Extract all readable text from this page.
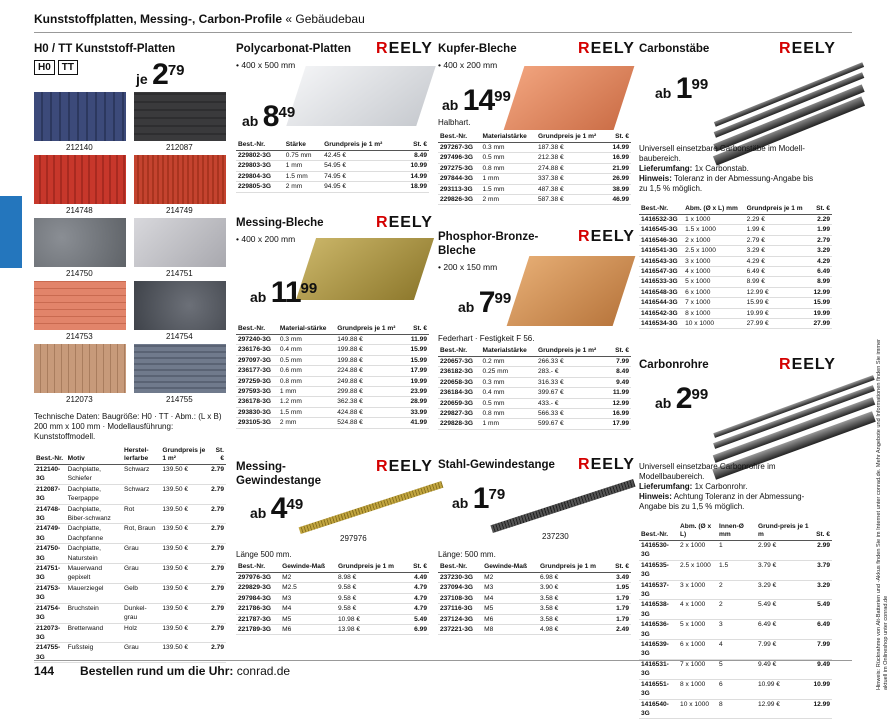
Kunststoffplatten, Messing-, Carbon-Profile « Gebäudebau
Hinweis: Rücknahme von Alt-Batterien und -Akkus finden Sie im Internet unter conrad.de. Mehr Angebote und Informationen finden Sie immer aktuell im Onlineshop unter conrad.de
H0 / TT Kunststoff-Platten
H0	TT
je 279
212140	212087
214748	214749
214750	214751
214753	214754
212073	214755
Technische Daten: Baugröße: H0 · TT · Abm.: (L x B) 200 mm x 100 mm · Modellausführung: Kunststoffmodell.
Best.-Nr.	Motiv	Herstel-lerfarbe	Grundpreis je 1 m²	St. €
212140-3G	Dachplatte, Schiefer	Schwarz	139.50 €	2.79
212087-3G	Dachplatte, Teerpappe	Schwarz	139.50 €	2.79
214748-3G	Dachplatte, Biber-schwanz	Rot	139.50 €	2.79
214749-3G	Dachplatte, Dachpfanne	Rot, Braun	139.50 €	2.79
214750-3G	Dachplatte, Naturstein	Grau	139.50 €	2.79
214751-3G	Mauerwand gepixelt	Grau	139.50 €	2.79
214753-3G	Mauerziegel	Gelb	139.50 €	2.79
214754-3G	Bruchstein	Dunkel-grau	139.50 €	2.79
212073-3G	Bretterwand	Holz	139.50 €	2.79
214755-3G	Fußsteig	Grau	139.50 €	2.79
Polycarbonat-Platten	REELY
• 400 x 500 mm
ab 849
Best.-Nr.	Stärke	Grundpreis je 1 m²	St. €
229802-3G	0.75 mm	42.45 €	8.49
229803-3G	1 mm	54.95 €	10.99
229804-3G	1.5 mm	74.95 €	14.99
229805-3G	2 mm	94.95 €	18.99
Messing-Bleche	REELY
• 400 x 200 mm
ab 1199
Best.-Nr.	Material-stärke	Grundpreis je 1 m²	St. €
297240-3G	0.3 mm	149.88 €	11.99
236176-3G	0.4 mm	199.88 €	15.99
297097-3G	0.5 mm	199.88 €	15.99
236177-3G	0.6 mm	224.88 €	17.99
297259-3G	0.8 mm	249.88 €	19.99
297593-3G	1 mm	299.88 €	23.99
236178-3G	1.2 mm	362.38 €	28.99
293830-3G	1.5 mm	424.88 €	33.99
293105-3G	2 mm	524.88 €	41.99
Messing-Gewindestange
REELY
297976
ab 449
Länge 500 mm.
Best.-Nr.	Gewinde-Maß	Grundpreis je 1 m	St. €
297976-3G	M2	8.98 €	4.49
229829-3G	M2.5	9.58 €	4.79
297984-3G	M3	9.58 €	4.79
221786-3G	M4	9.58 €	4.79
221787-3G	M5	10.98 €	5.49
221789-3G	M6	13.98 €	6.99
Kupfer-Bleche	REELY
• 400 x 200 mm
ab 1499
Halbhart.
Best.-Nr.	Materialstärke	Grundpreis je 1 m²	St. €
297267-3G	0.3 mm	187.38 €	14.99
297496-3G	0.5 mm	212.38 €	16.99
297275-3G	0.8 mm	274.88 €	21.99
297844-3G	1 mm	337.38 €	26.99
293113-3G	1.5 mm	487.38 €	38.99
229826-3G	2 mm	587.38 €	46.99
Phosphor-Bronze-Bleche
REELY
• 200 x 150 mm
ab 799
Federhart · Festigkeit F 56.
Best.-Nr.	Materialstärke	Grundpreis je 1 m²	St. €
220657-3G	0.2 mm	266.33 €	7.99
236182-3G	0.25 mm	283.- €	8.49
220658-3G	0.3 mm	316.33 €	9.49
236184-3G	0.4 mm	399.67 €	11.99
220659-3G	0.5 mm	433.- €	12.99
229827-3G	0.8 mm	566.33 €	16.99
229828-3G	1 mm	599.67 €	17.99
Stahl-Gewindestange	REELY
237230
ab 179
Länge: 500 mm.
Best.-Nr.	Gewinde-Maß	Grundpreis je 1 m	St. €
237230-3G	M2	6.98 €	3.49
237094-3G	M3	3.90 €	1.95
237108-3G	M4	3.58 €	1.79
237116-3G	M5	3.58 €	1.79
237124-3G	M6	3.58 €	1.79
237221-3G	M8	4.98 €	2.49
Carbonstäbe	REELY
ab 199
Universell einsetzbare Carbonstäbe im Modell-baubereich.
Lieferumfang: 1x Carbonstab.
Hinweis: Toleranz in der Abmessung-Angabe bis zu 1,5 % möglich.
Best.-Nr.	Abm. (Ø x L) mm	Grundpreis je 1 m	St. €
1416532-3G	1 x 1000	2.29 €	2.29
1416545-3G	1.5 x 1000	1.99 €	1.99
1416546-3G	2 x 1000	2.79 €	2.79
1416541-3G	2.5 x 1000	3.29 €	3.29
1416543-3G	3 x 1000	4.29 €	4.29
1416547-3G	4 x 1000	6.49 €	6.49
1416533-3G	5 x 1000	8.99 €	8.99
1416548-3G	6 x 1000	12.99 €	12.99
1416544-3G	7 x 1000	15.99 €	15.99
1416542-3G	8 x 1000	19.99 €	19.99
1416534-3G	10 x 1000	27.99 €	27.99
Carbonrohre	REELY
ab 299
Universell einsetzbare Carbonrohre im Modellbaubereich.
Lieferumfang: 1x Carbonrohr.
Hinweis: Achtung Toleranz in der Abmessung-Angabe bis zu 1,5 % möglich.
Best.-Nr.	Abm. (Ø x L)	Innen-Ø mm	Grund-preis je 1 m	St. €
1416530-3G	2 x 1000	1	2.99 €	2.99
1416535-3G	2.5 x 1000	1.5	3.79 €	3.79
1416537-3G	3 x 1000	2	3.29 €	3.29
1416538-3G	4 x 1000	2	5.49 €	5.49
1416536-3G	5 x 1000	3	6.49 €	6.49
1416539-3G	6 x 1000	4	7.99 €	7.99
1416531-3G	7 x 1000	5	9.49 €	9.49
1416551-3G	8 x 1000	6	10.99 €	10.99
1416540-3G	10 x 1000	8	12.99 €	12.99
144 Bestellen rund um die Uhr: conrad.de
